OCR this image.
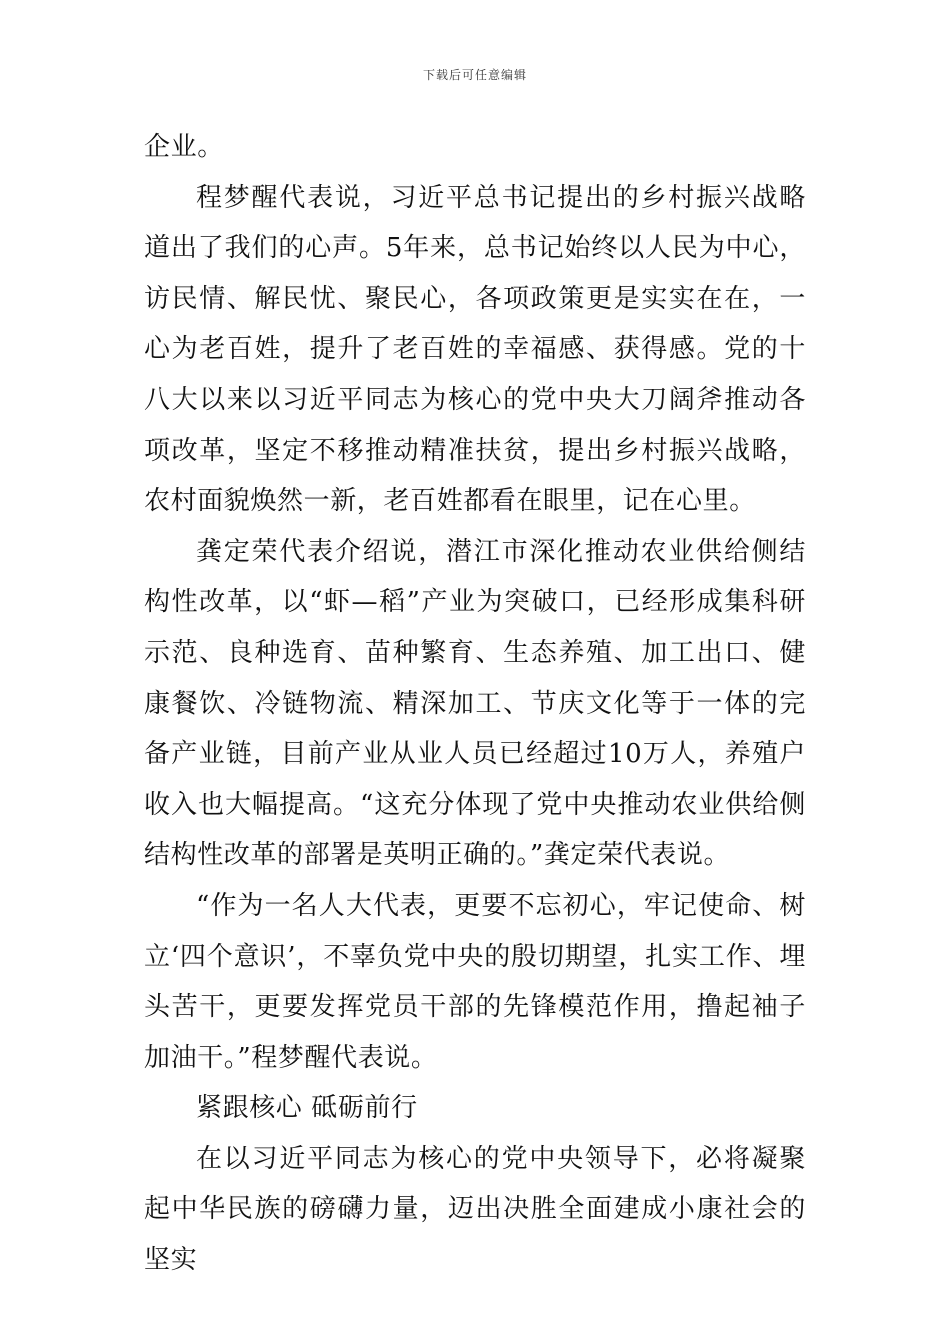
下载后可任意编辑

企业。

程梦醒代表说，习近平总书记提出的乡村振兴战略道出了我们的心声。5年来，总书记始终以人民为中心，访民情、解民忧、聚民心，各项政策更是实实在在，一心为老百姓，提升了老百姓的幸福感、获得感。党的十八大以来以习近平同志为核心的党中央大刀阔斧推动各项改革，坚定不移推动精准扶贫，提出乡村振兴战略，农村面貌焕然一新，老百姓都看在眼里，记在心里。

龚定荣代表介绍说，潜江市深化推动农业供给侧结构性改革，以“虾—稻”产业为突破口，已经形成集科研示范、良种选育、苗种繁育、生态养殖、加工出口、健康餐饮、冷链物流、精深加工、节庆文化等于一体的完备产业链，目前产业从业人员已经超过10万人，养殖户收入也大幅提高。“这充分体现了党中央推动农业供给侧结构性改革的部署是英明正确的。”龚定荣代表说。

“作为一名人大代表，更要不忘初心，牢记使命、树立‘四个意识’，不辜负党中央的殷切期望，扎实工作、埋头苦干，更要发挥党员干部的先锋模范作用，撸起袖子加油干。”程梦醒代表说。

紧跟核心 砥砺前行

在以习近平同志为核心的党中央领导下，必将凝聚起中华民族的磅礴力量，迈出决胜全面建成小康社会的坚实
